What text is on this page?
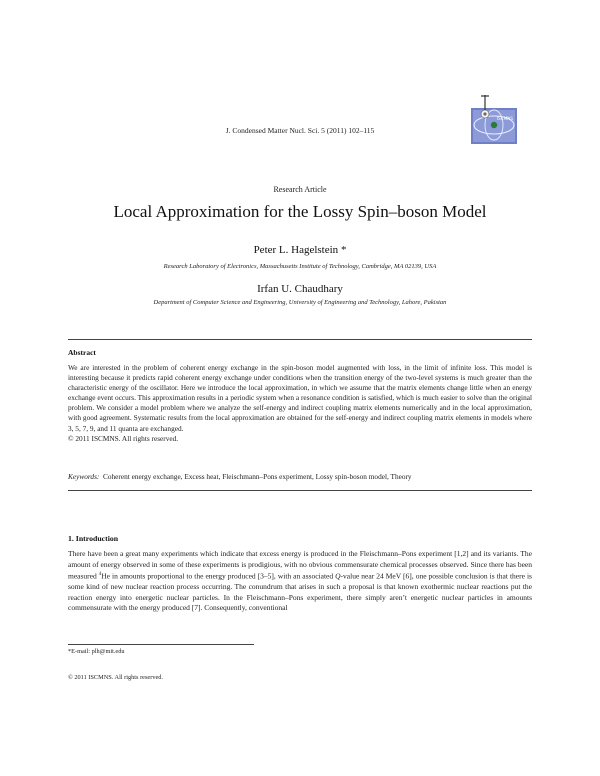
J. Condensed Matter Nucl. Sci. 5 (2011) 102–115
ISCMNS
Research Article
Local Approximation for the Lossy Spin–boson Model
Peter L. Hagelstein *
Research Laboratory of Electronics, Massachusetts Institute of Technology, Cambridge, MA 02139, USA
Irfan U. Chaudhary
Department of Computer Science and Engineering, University of Engineering and Technology, Lahore, Pakistan
Abstract

We are interested in the problem of coherent energy exchange in the spin-boson model augmented with loss, in the limit of infinite loss. This model is interesting because it predicts rapid coherent energy exchange under conditions when the transition energy of the two-level systems is much greater than the characteristic energy of the oscillator. Here we introduce the local approximation, in which we assume that the matrix elements change little when an energy exchange event occurs. This approximation results in a periodic system when a resonance condition is satisfied, which is much easier to solve than the original problem. We consider a model problem where we analyze the self-energy and indirect coupling matrix elements numerically and in the local approximation, with good agreement. Systematic results from the local approximation are obtained for the self-energy and indirect coupling matrix elements in models where 3, 5, 7, 9, and 11 quanta are exchanged.

© 2011 ISCMNS. All rights reserved.

Keywords: Coherent energy exchange, Excess heat, Fleischmann–Pons experiment, Lossy spin-boson model, Theory
1. Introduction

There have been a great many experiments which indicate that excess energy is produced in the Fleischmann–Pons experiment [1,2] and its variants. The amount of energy observed in some of these experiments is prodigious, with no obvious commensurate chemical processes observed. Since there has been measured $^4$He in amounts proportional to the energy produced [3–5], with an associated Q-value near 24 MeV [6], one possible conclusion is that there is some kind of new nuclear reaction process occurring. The conundrum that arises in such a proposal is that known exothermic nuclear reactions put the reaction energy into energetic nuclear particles. In the Fleischmann–Pons experiment, there simply aren’t energetic nuclear particles in amounts commensurate with the energy produced [7]. Consequently, conventional

*E-mail: plh@mit.edu
© 2011 ISCMNS. All rights reserved.
